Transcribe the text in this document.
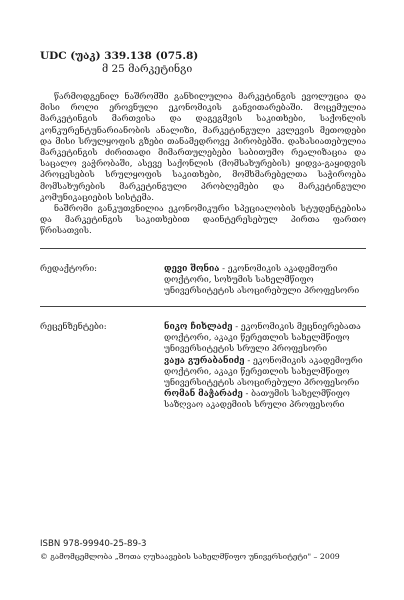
UDC (უაკ) 339.138 (075.8)
მ 25 მარკეტინგი

წარმოდგენილ ნაშრომში განხილულია მარკეტინგის ევოლუცია და მისი როლი ეროვნული ეკონომიკის განვითარებაში. მოცემულია მარკეტინგის მართვისა და დაგეგმვის საკითხები, საქონლის კონკურენტუნარიანობის ანალიზი, მარკეტინგული კვლევის მეთოდები და მისი სრულყოფის გზები თანამედროვე პირობებში. დახასიათებულია მარკეტინგის ძირითადი მიმართულებები საბითუმო რეალიზაცია და საცალო ვაჭრობაში, ასევე საქონლის (მომსახურების) ყიდვა-გაყიდვის პროცესების სრულყოფის საკითხები, მომხმარებელთა საჭიროება მომსახურების მარკეტინგული პრობლემები და მარკეტინგული კომუნიკაციების სისტემა.

ნაშრომი განკუთვნილია ეკონომიკური სპეციალობის სტუდენტებისა და მარკეტინგის საკითხებით დაინტერესებულ პირთა ფართო წრისათვის.

რედაქტორი:	დევი შონია - ეკონომიკის აკადემიური დოქტორი, სოხუმის სახელმწიფო უნივერსიტეტის ასოცირებული პროფესორი

რეცენზენტები:	ნიკო ჩიხლაძე - ეკონომიკის მეცნიერებათა დოქტორი, აკაკი წერეთლის სახელმწიფო უნივერსიტეტის სრული პროფესორი

ვაჟა გურაბანიძე - ეკონომიკის აკადემიური დოქტორი, აკაკი წერეთლის სახელმწიფო უნივერსიტეტის ასოცირებული პროფესორი

რომან მაჭარაძე - ბათუმის სახელმწიფო საზღვაო აკადემიის სრული პროფესორი

ISBN 978-99940-25-89-3
© გამომცემლობა „შოთა ღუხაავების სახელმწიფო უნივერსიტეტი" – 2009
